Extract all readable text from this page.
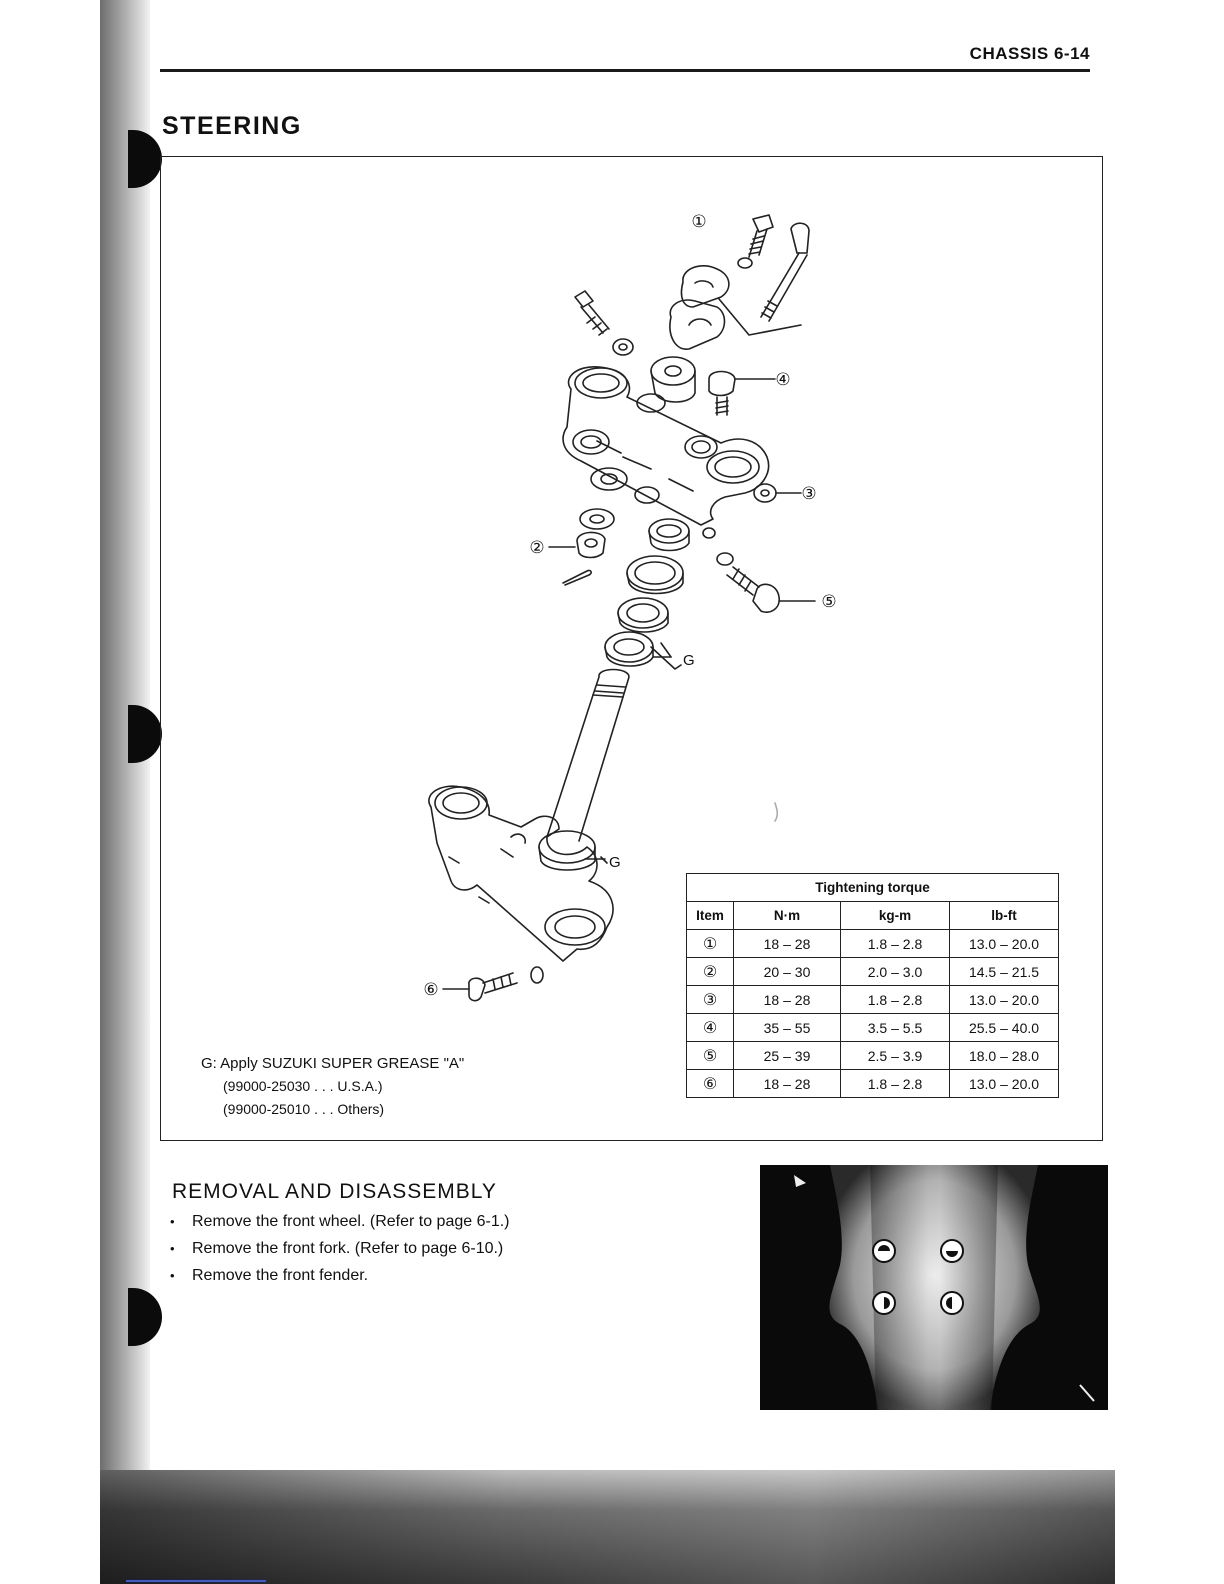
CHASSIS 6-14
STEERING
①
②
③
④
⑤
⑥
G
G
G: Apply SUZUKI SUPER GREASE "A"
(99000-25030 . . . U.S.A.)
(99000-25010 . . . Others)
Tightening torque			
Item	N·m	kg-m	lb-ft
①	18 – 28	1.8 – 2.8	13.0 – 20.0
②	20 – 30	2.0 – 3.0	14.5 – 21.5
③	18 – 28	1.8 – 2.8	13.0 – 20.0
④	35 – 55	3.5 – 5.5	25.5 – 40.0
⑤	25 – 39	2.5 – 3.9	18.0 – 28.0
⑥	18 – 28	1.8 – 2.8	13.0 – 20.0
REMOVAL AND DISASSEMBLY
• Remove the front wheel. (Refer to page 6-1.)
• Remove the front fork. (Refer to page 6-10.)
• Remove the front fender.
